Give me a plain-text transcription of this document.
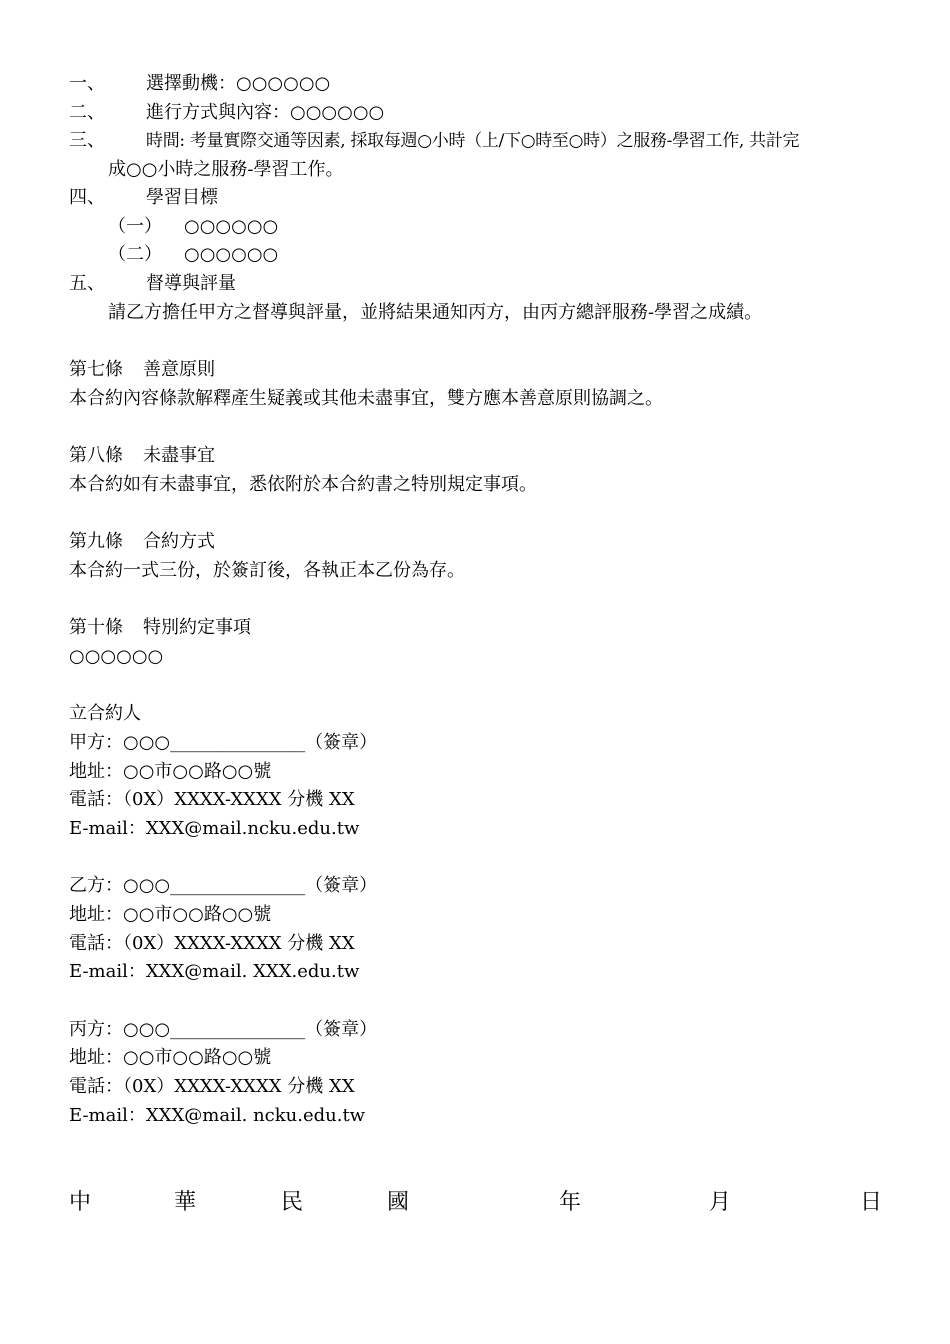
一、 選擇動機：○○○○○○
二、 進行方式與內容：○○○○○○
三、 時間: 考量實際交通等因素, 採取每週○小時（上/下○時至○時）之服務-學習工作, 共計完
成○○小時之服務-學習工作。
四、 學習目標
（一） ○○○○○○
（二） ○○○○○○
五、 督導與評量
請乙方擔任甲方之督導與評量，並將結果通知丙方，由丙方總評服務-學習之成績。
第七條 善意原則
本合約內容條款解釋產生疑義或其他未盡事宜，雙方應本善意原則協調之。
第八條 未盡事宜
本合約如有未盡事宜，悉依附於本合約書之特別規定事項。
第九條 合約方式
本合約一式三份，於簽訂後，各執正本乙份為存。
第十條 特別約定事項
○○○○○○
立合約人
甲方：○○○_______________（簽章）
地址：○○市○○路○○號
電話：（0X）XXXX-XXXX 分機 XX
E-mail：XXX@mail.ncku.edu.tw
乙方：○○○_______________（簽章）
地址：○○市○○路○○號
電話：（0X）XXXX-XXXX 分機 XX
E-mail：XXX@mail. XXX.edu.tw
丙方：○○○_______________（簽章）
地址：○○市○○路○○號
電話：（0X）XXXX-XXXX 分機 XX
E-mail：XXX@mail. ncku.edu.tw
中	華	民	國	年	月	日
